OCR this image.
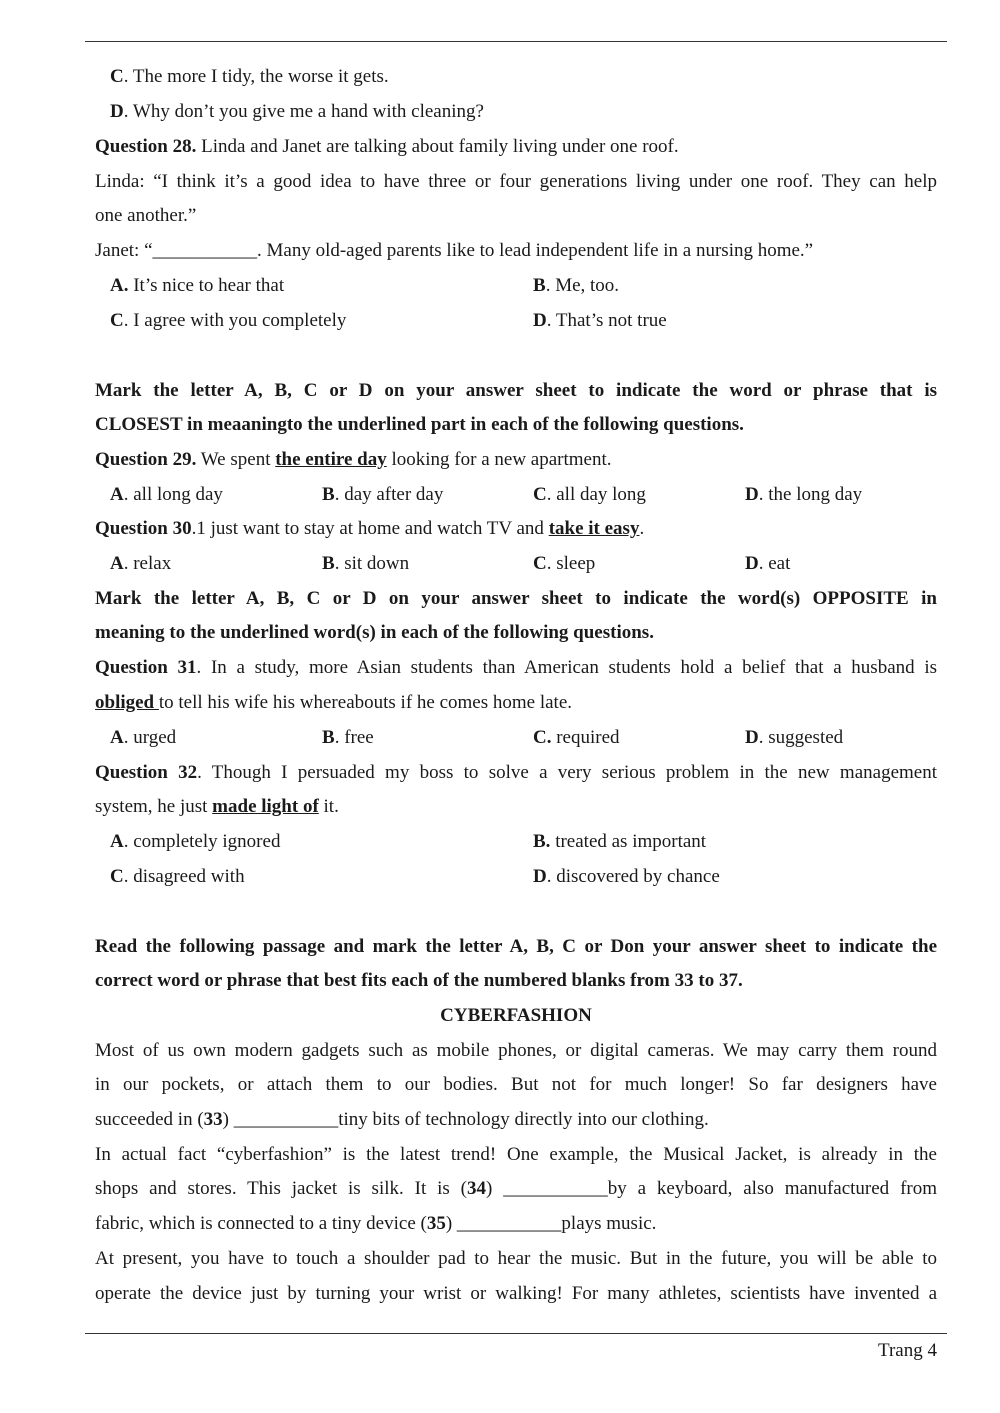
C. The more I tidy, the worse it gets.
D. Why don’t you give me a hand with cleaning?
Question 28. Linda and Janet are talking about family living under one roof.
Linda: “I think it’s a good idea to have three or four generations living under one roof. They can help
one another.”
Janet: “___________. Many old-aged parents like to lead independent life in a nursing home.”
A. It’s nice to hear that	B. Me, too.
C. I agree with you completely	D. That’s not true
Mark the letter A, B, C or D on your answer sheet to indicate the word or phrase that is
CLOSEST in meaaningto the underlined part in each of the following questions.
Question 29. We spent the entire day looking for a new apartment.
A. all long day	B. day after day	C. all day long	D. the long day
Question 30.1 just want to stay at home and watch TV and take it easy.
A. relax	B. sit down	C. sleep	D. eat
Mark the letter A, B, C or D on your answer sheet to indicate the word(s) OPPOSITE in
meaning to the underlined word(s) in each of the following questions.
Question 31. In a study, more Asian students than American students hold a belief that a husband is
obliged to tell his wife his whereabouts if he comes home late.
A. urged	B. free	C. required	D. suggested
Question 32. Though I persuaded my boss to solve a very serious problem in the new management
system, he just made light of it.
A. completely ignored	B. treated as important
C. disagreed with	D. discovered by chance
Read the following passage and mark the letter A, B, C or Don your answer sheet to indicate the
correct word or phrase that best fits each of the numbered blanks from 33 to 37.
CYBERFASHION
Most of us own modern gadgets such as mobile phones, or digital cameras. We may carry them round
in our pockets, or attach them to our bodies. But not for much longer! So far designers have
succeeded in (33) ___________tiny bits of technology directly into our clothing.
In actual fact “cyberfashion” is the latest trend! One example, the Musical Jacket, is already in the
shops and stores. This jacket is silk. It is (34) ___________by a keyboard, also manufactured from
fabric, which is connected to a tiny device (35) ___________plays music.
At present, you have to touch a shoulder pad to hear the music. But in the future, you will be able to
operate the device just by turning your wrist or walking! For many athletes, scientists have invented a
Trang 4
